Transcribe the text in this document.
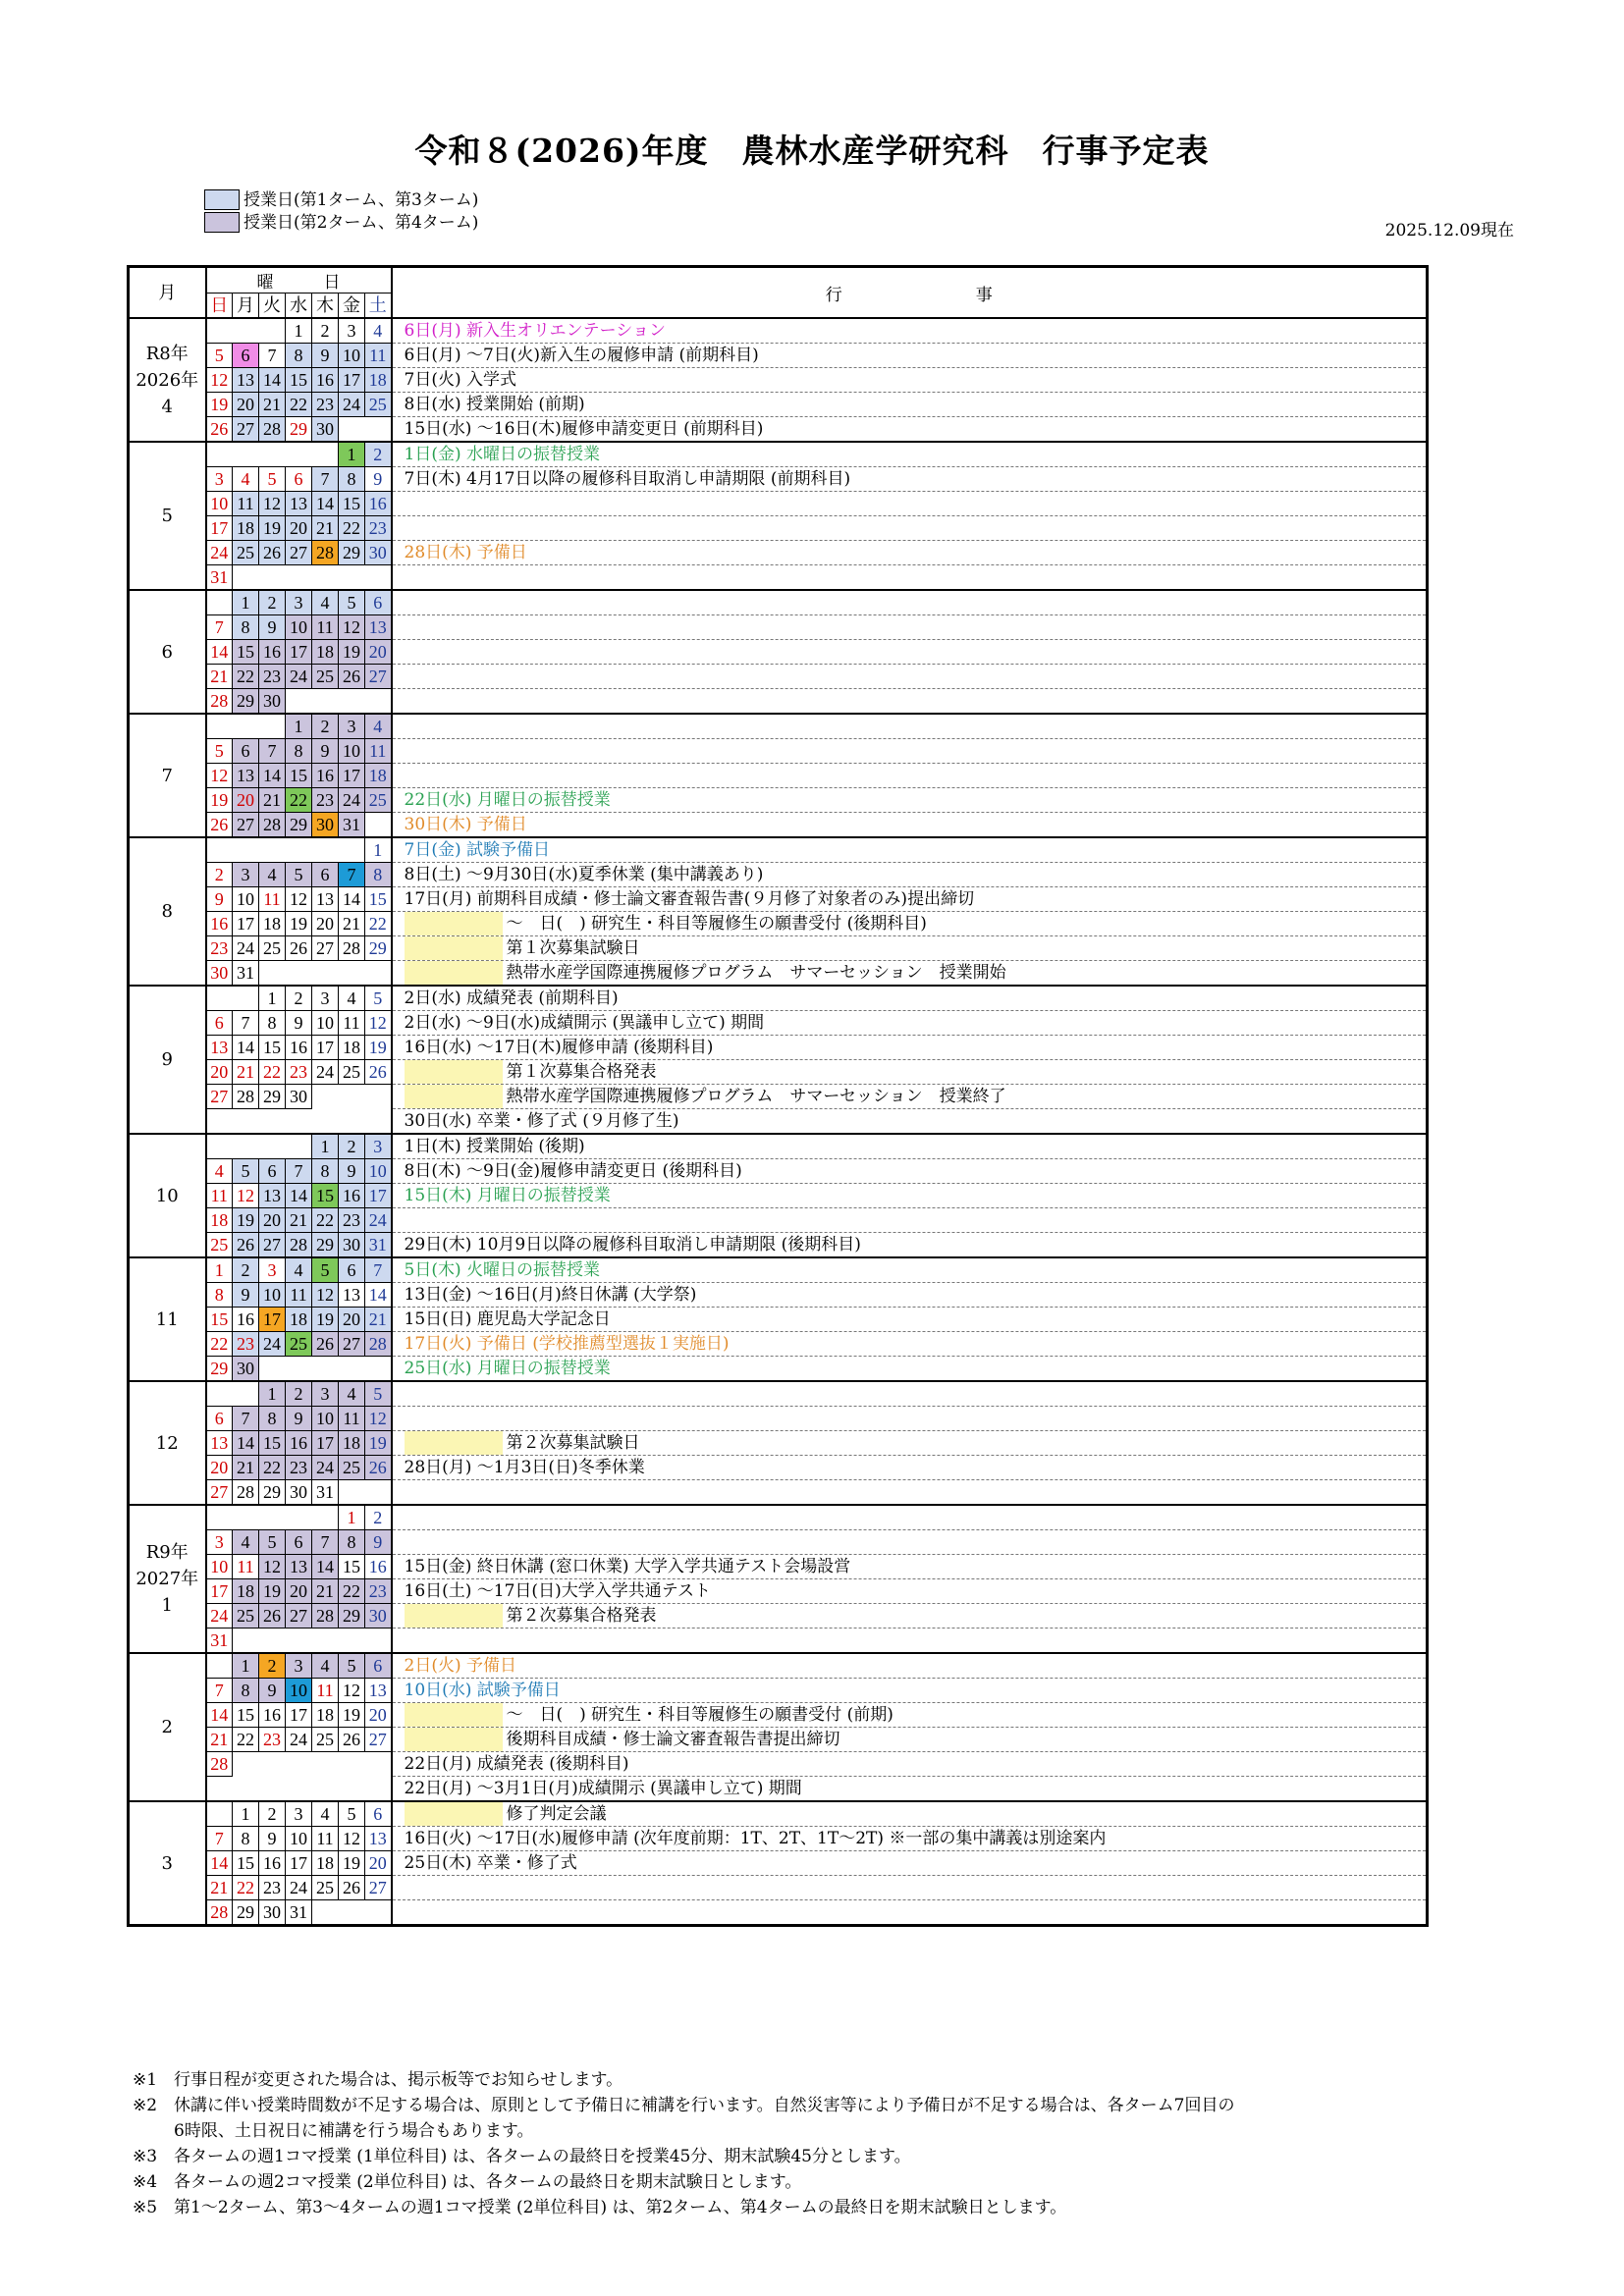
令和８(2026)年度　農林水産学研究科　行事予定表
授業日(第1ターム、第3ターム)
授業日(第2ターム、第4ターム)	2025.12.09現在
月	曜　　　日							行　　　　　　　　事
	日	月	火	水	木	金	土	

R8年
2026年
4				1	2	3	4	6日(月) 新入生オリエンテーション
	5	6	7	8	9	10	11	6日(月) ～7日(火)新入生の履修申請 (前期科目)
	12	13	14	15	16	17	18	7日(火) 入学式
	19	20	21	22	23	24	25	8日(水) 授業開始 (前期)
	26	27	28	29	30			15日(水) ～16日(木)履修申請変更日 (前期科目)

5						1	2	1日(金) 水曜日の振替授業
	3	4	5	6	7	8	9	7日(木) 4月17日以降の履修科目取消し申請期限 (前期科目)
	10	11	12	13	14	15	16	
	17	18	19	20	21	22	23	
	24	25	26	27	28	29	30	28日(木) 予備日
	31							

6		1	2	3	4	5	6	
	7	8	9	10	11	12	13	
	14	15	16	17	18	19	20	
	21	22	23	24	25	26	27	
	28	29	30					

7				1	2	3	4	
	5	6	7	8	9	10	11	
	12	13	14	15	16	17	18	
	19	20	21	22	23	24	25	22日(水) 月曜日の振替授業
	26	27	28	29	30	31		30日(木) 予備日

8							1	7日(金) 試験予備日
	2	3	4	5	6	7	8	8日(土) ～9月30日(水)夏季休業 (集中講義あり)
	9	10	11	12	13	14	15	17日(月) 前期科目成績・修士論文審査報告書(９月修了対象者のみ)提出締切
	16	17	18	19	20	21	22	～　日(　) 研究生・科目等履修生の願書受付 (後期科目)
	23	24	25	26	27	28	29	第１次募集試験日
	30	31						熱帯水産学国際連携履修プログラム　サマーセッション　授業開始

9			1	2	3	4	5	2日(水) 成績発表 (前期科目)
	6	7	8	9	10	11	12	2日(水) ～9日(水)成績開示 (異議申し立て) 期間
	13	14	15	16	17	18	19	16日(水) ～17日(木)履修申請 (後期科目)
	20	21	22	23	24	25	26	第１次募集合格発表
	27	28	29	30				熱帯水産学国際連携履修プログラム　サマーセッション　授業終了
								30日(水) 卒業・修了式 (９月修了生)

10					1	2	3	1日(木) 授業開始 (後期)
	4	5	6	7	8	9	10	8日(木) ～9日(金)履修申請変更日 (後期科目)
	11	12	13	14	15	16	17	15日(木) 月曜日の振替授業
	18	19	20	21	22	23	24	
	25	26	27	28	29	30	31	29日(木) 10月9日以降の履修科目取消し申請期限 (後期科目)

11	1	2	3	4	5	6	7	5日(木) 火曜日の振替授業
	8	9	10	11	12	13	14	13日(金) ～16日(月)終日休講 (大学祭)
	15	16	17	18	19	20	21	15日(日) 鹿児島大学記念日
	22	23	24	25	26	27	28	17日(火) 予備日 (学校推薦型選抜１実施日)
	29	30						25日(水) 月曜日の振替授業

12			1	2	3	4	5	
	6	7	8	9	10	11	12	
	13	14	15	16	17	18	19	第２次募集試験日
	20	21	22	23	24	25	26	28日(月) ～1月3日(日)冬季休業
	27	28	29	30	31			

R9年
2027年
1						1	2	
	3	4	5	6	7	8	9	
	10	11	12	13	14	15	16	15日(金) 終日休講 (窓口休業) 大学入学共通テスト会場設営
	17	18	19	20	21	22	23	16日(土) ～17日(日)大学入学共通テスト
	24	25	26	27	28	29	30	第２次募集合格発表
	31							

2		1	2	3	4	5	6	2日(火) 予備日
	7	8	9	10	11	12	13	10日(水) 試験予備日
	14	15	16	17	18	19	20	～　日(　) 研究生・科目等履修生の願書受付 (前期)
	21	22	23	24	25	26	27	後期科目成績・修士論文審査報告書提出締切
	28							22日(月) 成績発表 (後期科目)
								22日(月) ～3月1日(月)成績開示 (異議申し立て) 期間

3		1	2	3	4	5	6	修了判定会議
	7	8	9	10	11	12	13	16日(火) ～17日(水)履修申請 (次年度前期：1T、2T、1T～2T) ※一部の集中講義は別途案内
	14	15	16	17	18	19	20	25日(木) 卒業・修了式
	21	22	23	24	25	26	27	
	28	29	30	31				
※1 行事日程が変更された場合は、掲示板等でお知らせします。
※2 休講に伴い授業時間数が不足する場合は、原則として予備日に補講を行います。自然災害等により予備日が不足する場合は、各ターム7回目の
6時限、土日祝日に補講を行う場合もあります。
※3 各タームの週1コマ授業 (1単位科目) は、各タームの最終日を授業45分、期末試験45分とします。
※4 各タームの週2コマ授業 (2単位科目) は、各タームの最終日を期末試験日とします。
※5 第1～2ターム、第3～4タームの週1コマ授業 (2単位科目) は、第2ターム、第4タームの最終日を期末試験日とします。
